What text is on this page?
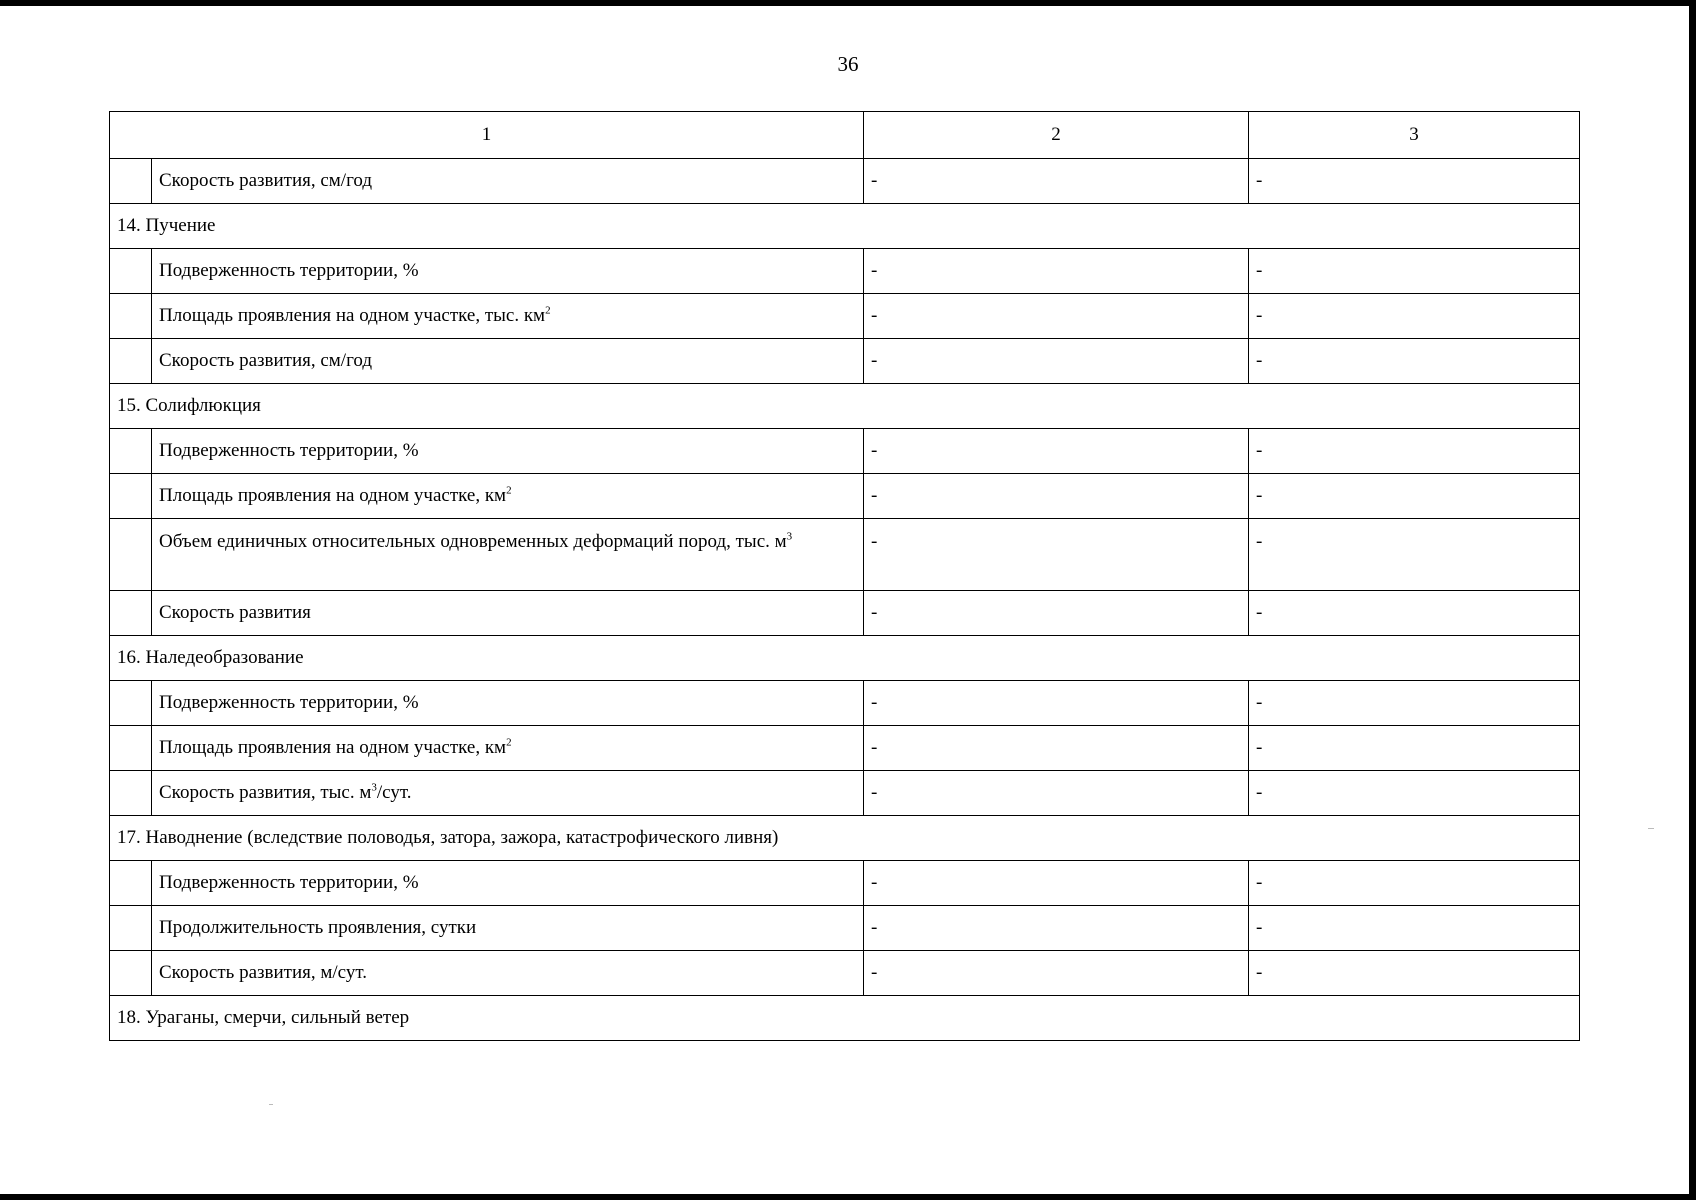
36
1		2	3
	Скорость развития, см/год	-	-
14. Пучение			
	Подверженность территории, %	-	-
	Площадь проявления на одном участке, тыс. $км^2$	-	-
	Скорость развития, см/год	-	-
15. Солифлюкция			
	Подверженность территории, %	-	-
	Площадь проявления на одном участке, $км^2$	-	-
	Объем единичных относительных одновременных деформаций пород, тыс. $м^3$	-	-
	Скорость развития	-	-
16. Наледеобразование			
	Подверженность территории, %	-	-
	Площадь проявления на одном участке, $км^2$	-	-
	Скорость развития, тыс. $м^3$/сут.	-	-
17. Наводнение (вследствие половодья, затора, зажора, катастрофического ливня)			
	Подверженность территории, %	-	-
	Продолжительность проявления, сутки	-	-
	Скорость развития, м/сут.	-	-
18. Ураганы, смерчи, сильный ветер			
